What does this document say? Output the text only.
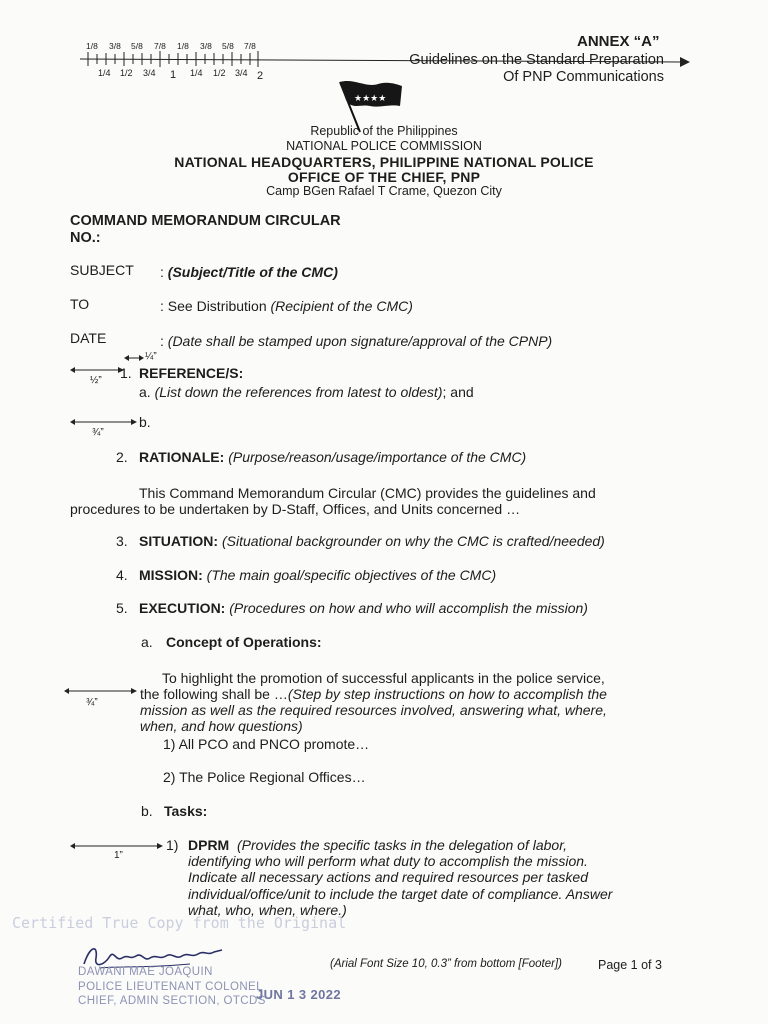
1/8 3/8 5/8 7/8 1/8 3/8 5/8 7/8
1/4 1/2 3/4 1 1/4 1/2 3/4 2
ANNEX “A”
Guidelines on the Standard Preparation
Of PNP Communications
★★★★
Republic of the Philippines
NATIONAL POLICE COMMISSION
NATIONAL HEADQUARTERS, PHILIPPINE NATIONAL POLICE
OFFICE OF THE CHIEF, PNP
Camp BGen Rafael T Crame, Quezon City
COMMAND MEMORANDUM CIRCULAR
NO.:
SUBJECT : (Subject/Title of the CMC)
TO	: See Distribution (Recipient of the CMC)
DATE	: (Date shall be stamped upon signature/approval of the CPNP)
¼”
½” 1. REFERENCE/S:
a. (List down the references from latest to oldest); and
¾”
b.
2. RATIONALE: (Purpose/reason/usage/importance of the CMC)
This Command Memorandum Circular (CMC) provides the guidelines and
procedures to be undertaken by D-Staff, Offices, and Units concerned …
3. SITUATION: (Situational backgrounder on why the CMC is crafted/needed)
4. MISSION: (The main goal/specific objectives of the CMC)
5. EXECUTION: (Procedures on how and who will accomplish the mission)
a. Concept of Operations:
To highlight the promotion of successful applicants in the police service,
¾”
the following shall be …(Step by step instructions on how to accomplish the
mission as well as the required resources involved, answering what, where,
when, and how questions)
1) All PCO and PNCO promote…
2) The Police Regional Offices…
b. Tasks:
1”
1) DPRM (Provides the specific tasks in the delegation of labor,
identifying who will perform what duty to accomplish the mission.
Indicate all necessary actions and required resources per tasked
individual/office/unit to include the target date of compliance. Answer
what, who, when, where.)
Certified True Copy from the Original
DAWANI MAE JOAQUIN
POLICE LIEUTENANT COLONEL
CHIEF, ADMIN SECTION, OTCDS
JUN 1 3 2022
(Arial Font Size 10, 0.3” from bottom [Footer])	Page 1 of 3
